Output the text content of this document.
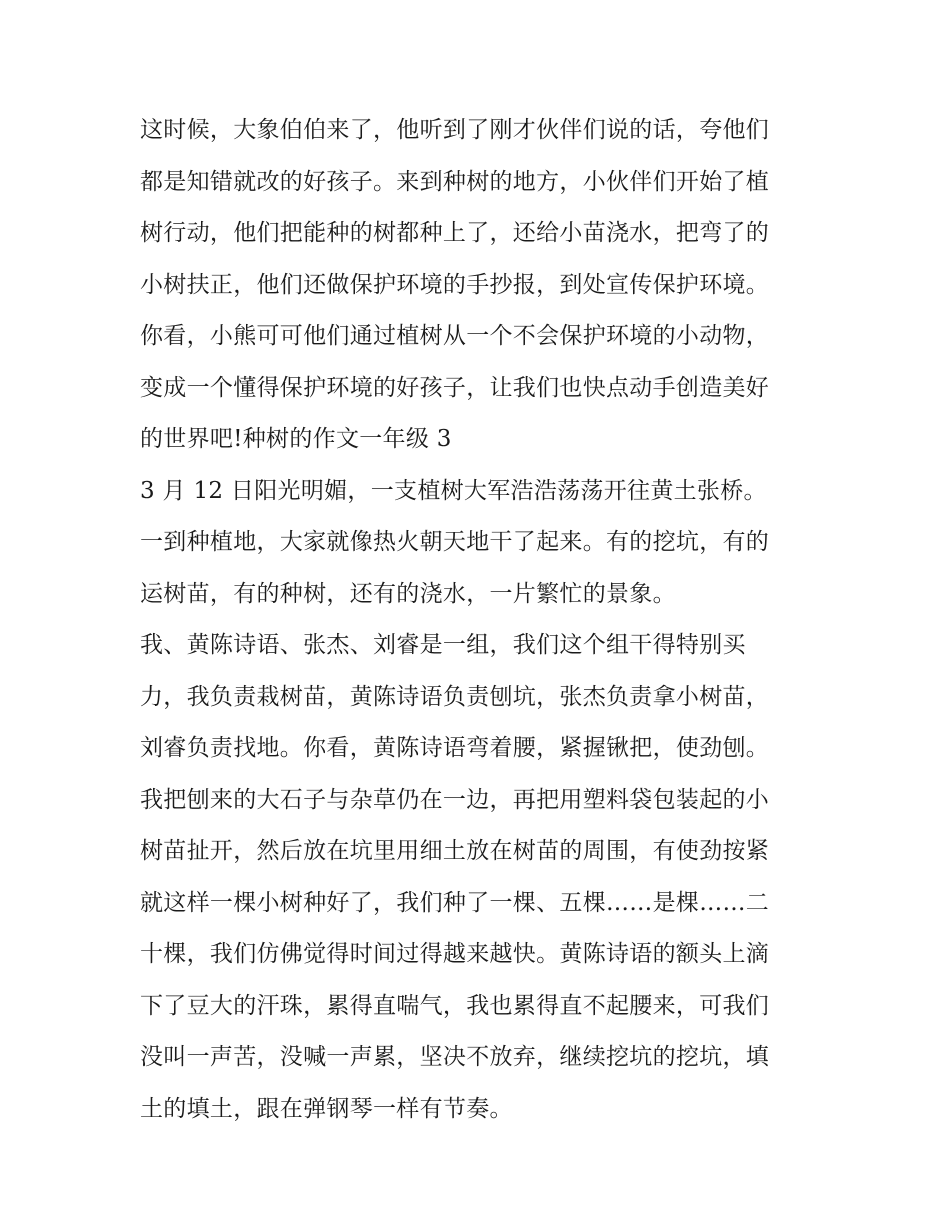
这时候，大象伯伯来了，他听到了刚才伙伴们说的话，夸他们
都是知错就改的好孩子。来到种树的地方，小伙伴们开始了植
树行动，他们把能种的树都种上了，还给小苗浇水，把弯了的
小树扶正，他们还做保护环境的手抄报，到处宣传保护环境。
你看，小熊可可他们通过植树从一个不会保护环境的小动物，
变成一个懂得保护环境的好孩子，让我们也快点动手创造美好
的世界吧!种树的作文一年级 3
3 月 12 日阳光明媚，一支植树大军浩浩荡荡开往黄土张桥。
一到种植地，大家就像热火朝天地干了起来。有的挖坑，有的
运树苗，有的种树，还有的浇水，一片繁忙的景象。
我、黄陈诗语、张杰、刘睿是一组，我们这个组干得特别买
力，我负责栽树苗，黄陈诗语负责刨坑，张杰负责拿小树苗，
刘睿负责找地。你看，黄陈诗语弯着腰，紧握锹把，使劲刨。
我把刨来的大石子与杂草仍在一边，再把用塑料袋包装起的小
树苗扯开，然后放在坑里用细土放在树苗的周围，有使劲按紧
就这样一棵小树种好了，我们种了一棵、五棵……是棵……二
十棵，我们仿佛觉得时间过得越来越快。黄陈诗语的额头上滴
下了豆大的汗珠，累得直喘气，我也累得直不起腰来，可我们
没叫一声苦，没喊一声累，坚决不放弃，继续挖坑的挖坑，填
土的填土，跟在弹钢琴一样有节奏。
